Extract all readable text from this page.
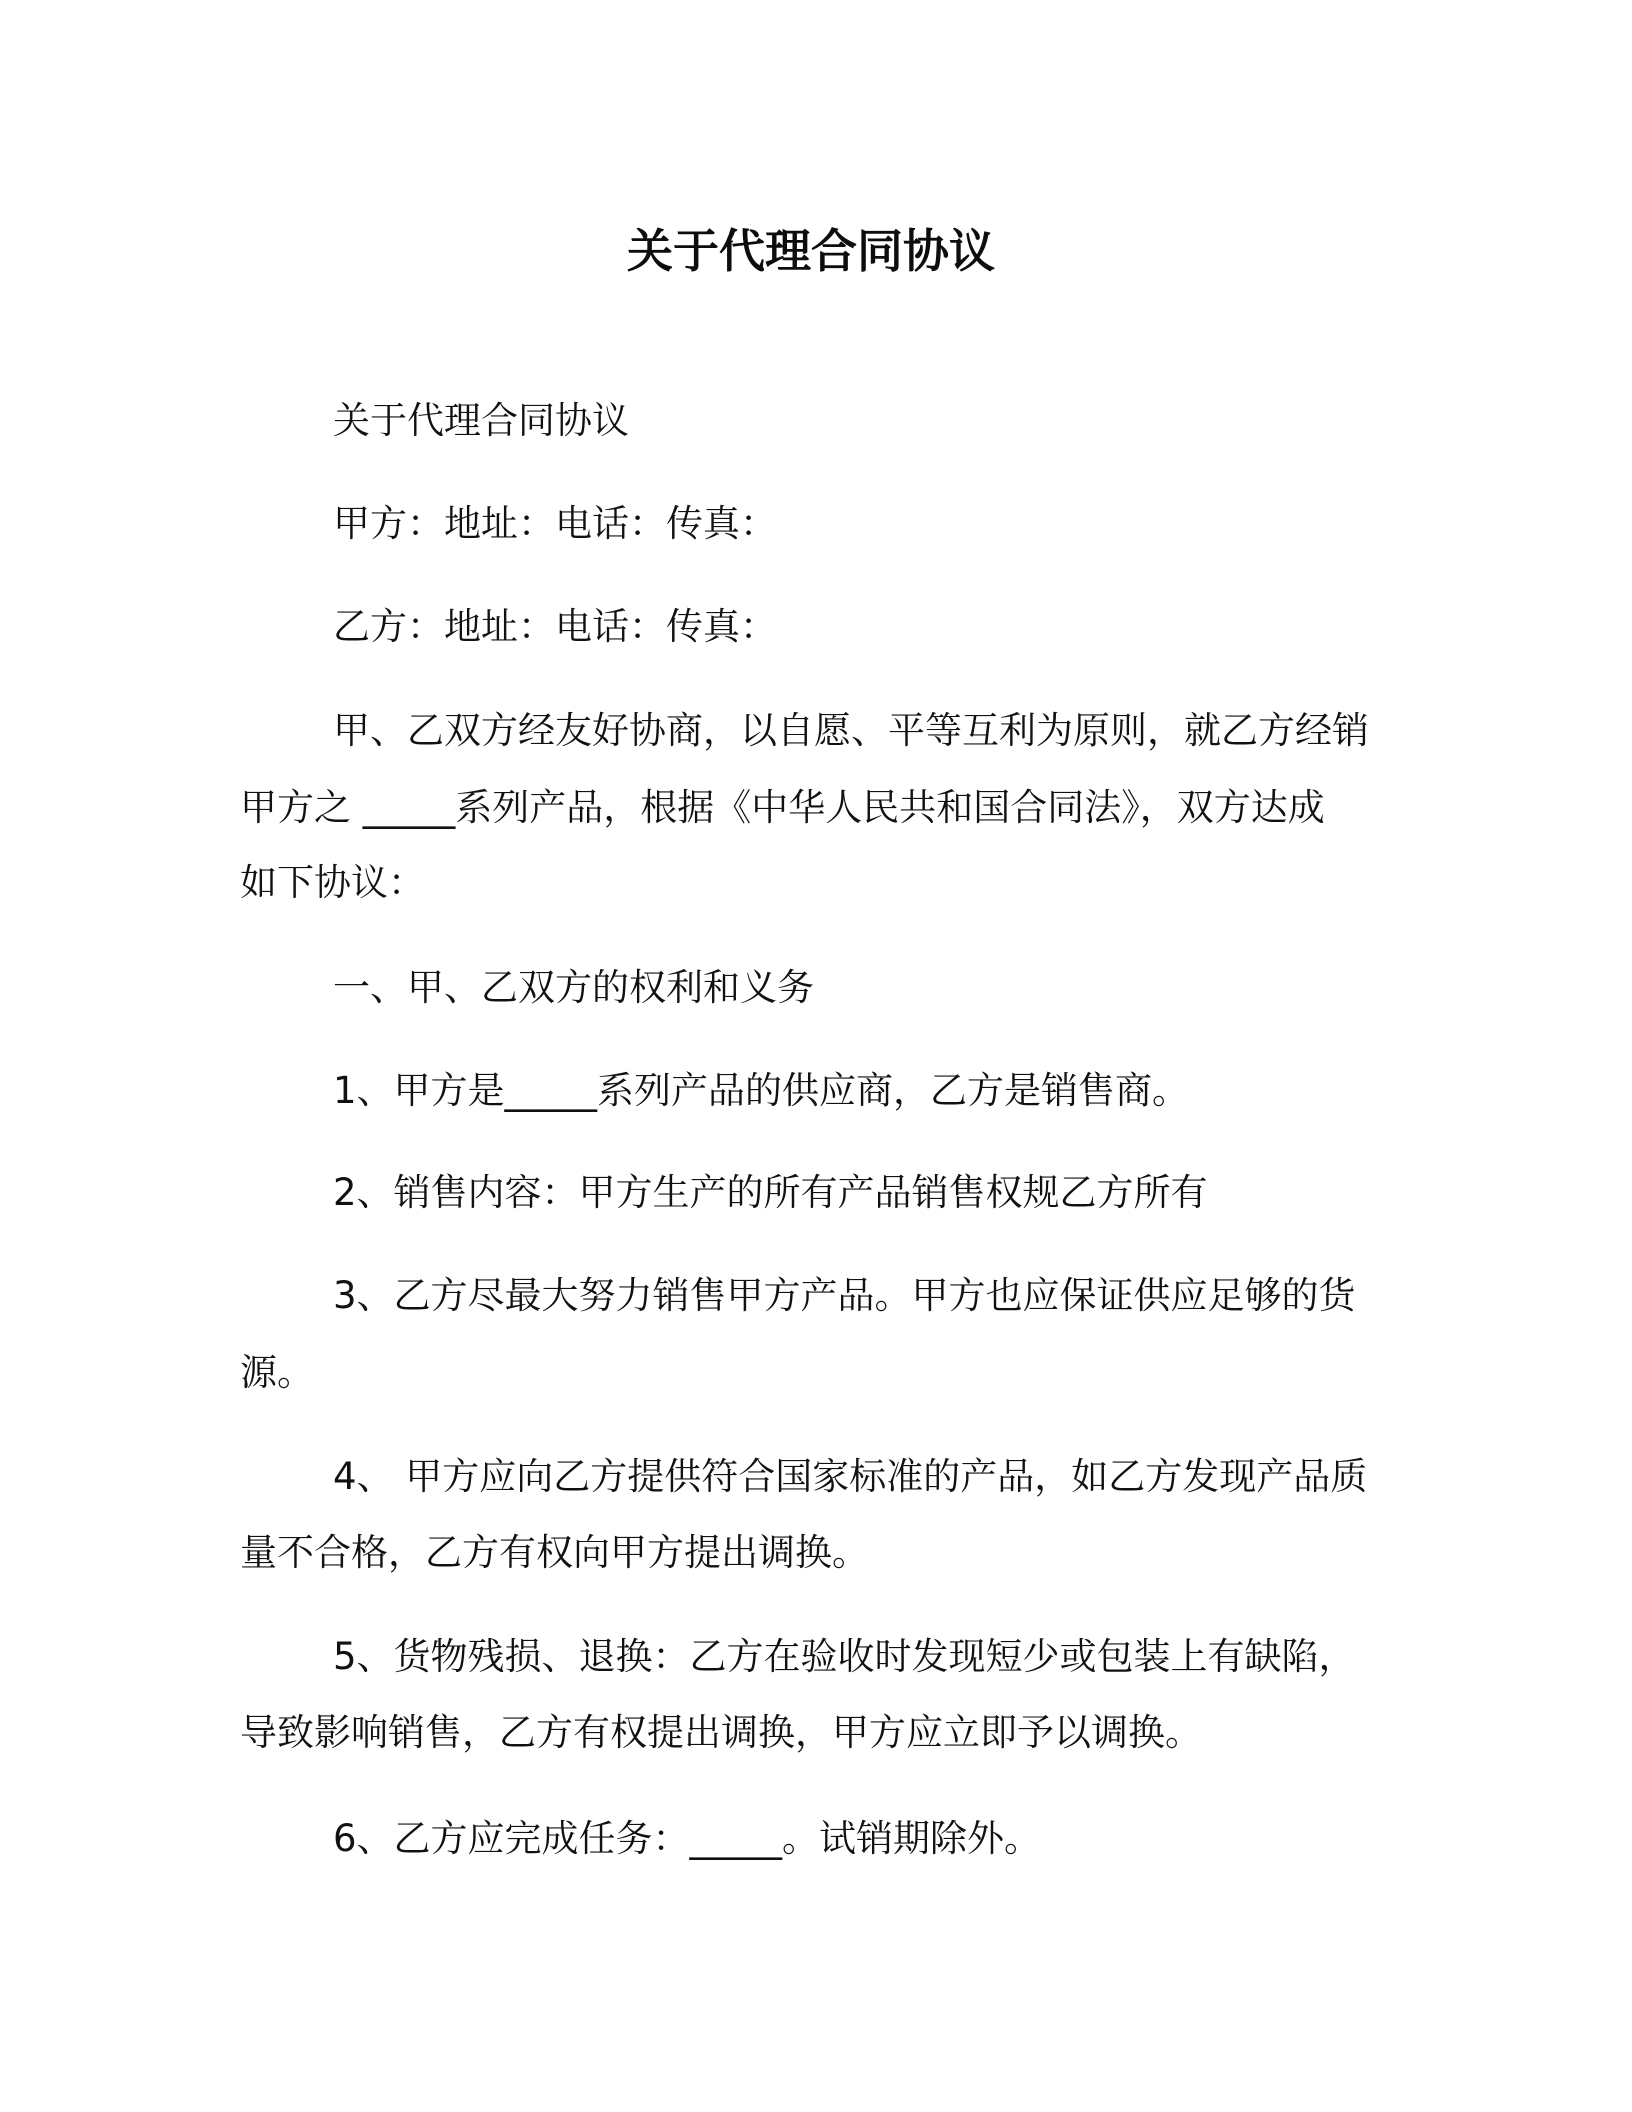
关于代理合同协议
关于代理合同协议
甲方：地址：电话：传真：
乙方：地址：电话：传真：
甲、乙双方经友好协商，以自愿、平等互利为原则，就乙方经销
甲方之 _____系列产品，根据《中华人民共和国合同法》，双方达成
如下协议：
一、甲、乙双方的权利和义务
1、甲方是_____系列产品的供应商，乙方是销售商。
2、销售内容：甲方生产的所有产品销售权规乙方所有
3、乙方尽最大努力销售甲方产品。甲方也应保证供应足够的货
源。
4、 甲方应向乙方提供符合国家标准的产品，如乙方发现产品质
量不合格，乙方有权向甲方提出调换。
5、货物残损、退换：乙方在验收时发现短少或包装上有缺陷，
导致影响销售，乙方有权提出调换，甲方应立即予以调换。
6、乙方应完成任务：_____。试销期除外。
